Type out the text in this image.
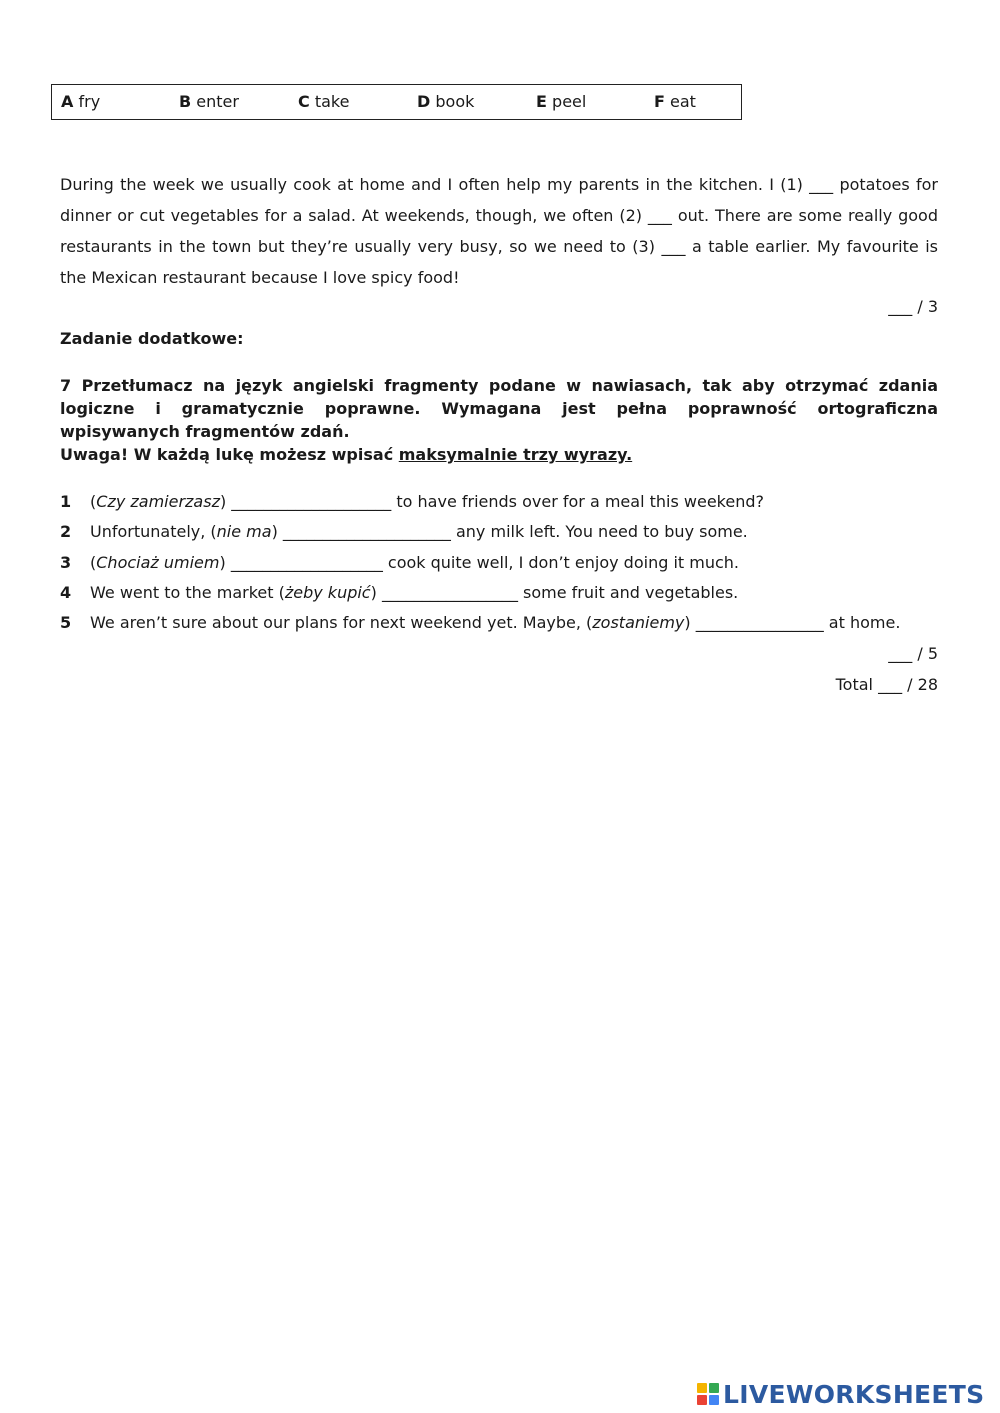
A fry	B enter	C take	D book	E peel	F eat
During the week we usually cook at home and I often help my parents in the kitchen. I (1) ___ potatoes for dinner or cut vegetables for a salad. At weekends, though, we often (2) ___ out. There are some really good restaurants in the town but they’re usually very busy, so we need to (3) ___ a table earlier. My favourite is the Mexican restaurant because I love spicy food!
___ / 3
Zadanie dodatkowe:
7 Przetłumacz na język angielski fragmenty podane w nawiasach, tak aby otrzymać zdania logiczne i gramatycznie poprawne. Wymagana jest pełna poprawność ortograficzna wpisywanych fragmentów zdań.
Uwaga! W każdą lukę możesz wpisać maksymalnie trzy wyrazy.
1 (Czy zamierzasz) ____________________ to have friends over for a meal this weekend?
2 Unfortunately, (nie ma) _____________________ any milk left. You need to buy some.
3 (Chociaż umiem) ___________________ cook quite well, I don’t enjoy doing it much.
4 We went to the market (żeby kupić) _________________ some fruit and vegetables.
5 We aren’t sure about our plans for next weekend yet. Maybe, (zostaniemy) ________________ at home.
___ / 5
Total ___ / 28
LIVEWORKSHEETS
